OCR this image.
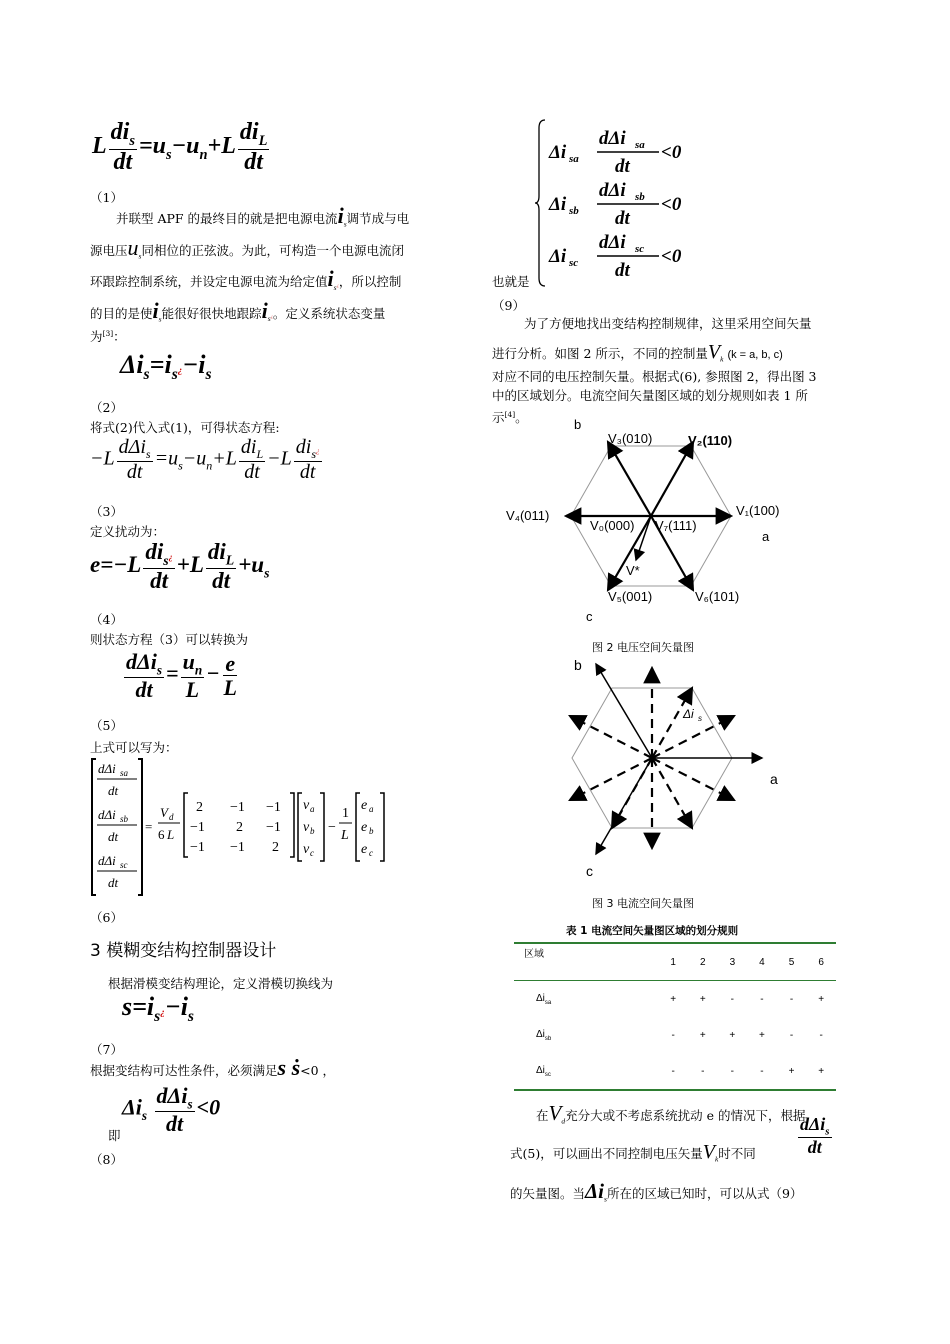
L $\frac{di_s}{dt} =u_s-u_n+L \frac{di_L}{dt}$
（1）
并联型 APF 的最终目的就是把电源电流$i_s$调节成与电
源电压$u_s$同相位的正弦波。为此，可构造一个电源电流闭
环跟踪控制系统，并设定电源电流为给定值$i_{s^¿}$，所以控制
的目的是使$i_s$能很好很快地跟踪$i_{s^¿}$。定义系统状态变量
为[3]：
$\Delta i_s=i_{s^¿}-i_s$
（2）
将式(2)代入式(1)，可得状态方程:
$-L \frac{d\Delta i_s}{dt} =u_s-u_n+L \frac{di_L}{dt} -L \frac{di_{s^¿}}{dt}$
（3）
定义扰动为：
$e=-L \frac{di_{s^¿}}{dt} +L \frac{di_L}{dt} +u_s$
（4）
则状态方程（3）可以转换为
$\frac{d\Delta i_s}{dt} = \frac{u_n}{L} - \frac{e}{L}$
（5）
上式可以写为：
dΔi sa
dt
dΔi sb
dt
dΔi sc
dt
=
V d
6 L
2 −1 −1
−1 2 −1
−1 −1 2
v a
v b
v c
−
1
L
e a
e b
e c
（6）
3 模糊变结构控制器设计
根据滑模变结构理论，定义滑模切换线为
$s=i_{s^¿}-i_s$
（7）
根据变结构可达性条件，必须满足s ṡ<0 ，
即
$\Delta i_s \frac{d\Delta i_s}{dt} <0$
（8）
Δi sa
dΔi sa
dt
<0
Δi sb
dΔi sb
dt
<0
Δi sc
dΔi sc
dt
<0
也就是
（9）
为了方便地找出变结构控制规律，这里采用空间矢量
进行分析。如图 2 所示，不同的控制量$V_k$ (k = a, b, c)
对应不同的电压控制矢量。根据式(6), 参照图 2，得出图 3
中的区域划分。电流空间矢量图区域的划分规则如表 1 所
示[4]。	b
V₃(010)	V₂(110)
V₁(100)
a
V₄(011)
V₀(000) V₇(111)
V*
V₅(001)	V₆(101)
c
图 2 电压空间矢量图
b
a
c
Δi s
图 3 电流空间矢量图
表 1 电流空间矢量图区域的划分规则
区域	1	2	3	4	5	6
$\Delta i_{sa}$	+	+	-	-	-	+
$\Delta i_{sb}$	-	+	+	+	-	-
$\Delta i_{sc}$	-	-	-	-	+	+
在$V_d$充分大或不考虑系统扰动 e 的情况下，根据
式(5)，可以画出不同控制电压矢量$V_k$时不同
dΔi$_s$
dt
的矢量图。当$\Delta i_s$所在的区域已知时，可以从式（9）
